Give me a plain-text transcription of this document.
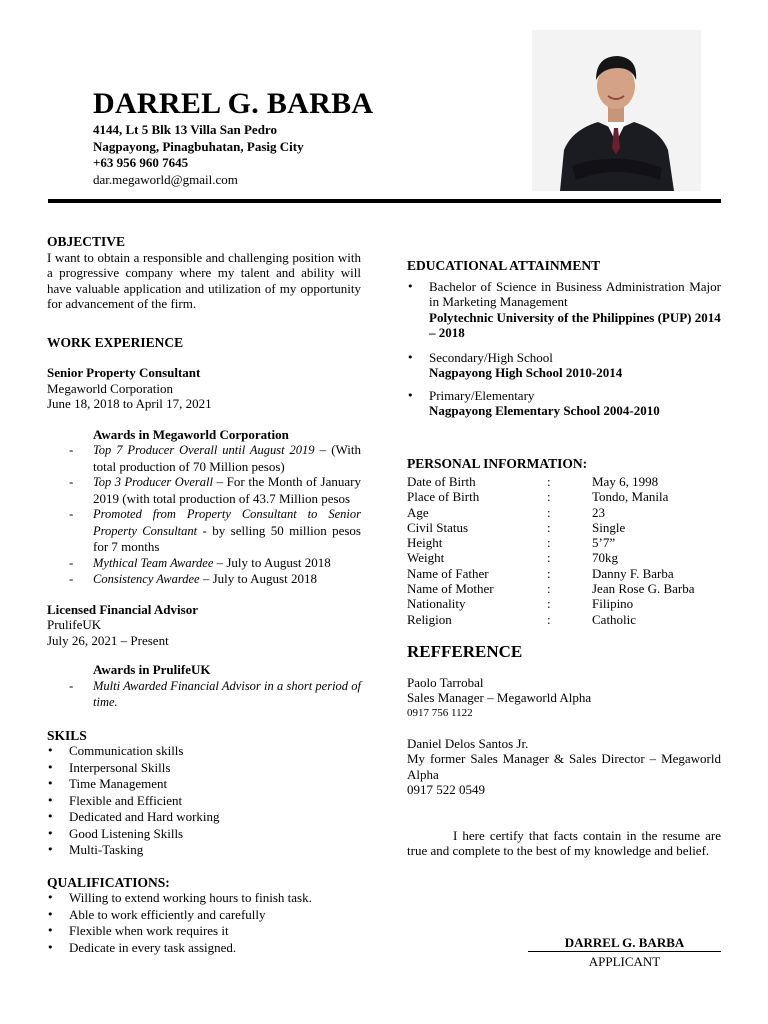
DARREL G. BARBA
4144, Lt 5 Blk 13 Villa San Pedro
Nagpayong, Pinagbuhatan, Pasig City
+63 956 960 7645
dar.megaworld@gmail.com
OBJECTIVE
I want to obtain a responsible and challenging position with a progressive company where my talent and ability will have valuable application and utilization of my opportunity for advancement of the firm.
WORK EXPERIENCE
Senior Property Consultant
Megaworld Corporation
June 18, 2018 to April 17, 2021
Awards in Megaworld Corporation
- Top 7 Producer Overall until August 2019 – (With total production of 70 Million pesos)
- Top 3 Producer Overall – For the Month of January 2019 (with total production of 43.7 Million pesos
- Promoted from Property Consultant to Senior Property Consultant - by selling 50 million pesos for 7 months
- Mythical Team Awardee – July to August 2018
- Consistency Awardee – July to August 2018
Licensed Financial Advisor
PrulifeUK
July 26, 2021 – Present
Awards in PrulifeUK
- Multi Awarded Financial Advisor in a short period of time.
SKILS
• Communication skills
• Interpersonal Skills
• Time Management
• Flexible and Efficient
• Dedicated and Hard working
• Good Listening Skills
• Multi-Tasking
QUALIFICATIONS:
• Willing to extend working hours to finish task.
• Able to work efficiently and carefully
• Flexible when work requires it
• Dedicate in every task assigned.
EDUCATIONAL ATTAINMENT
• Bachelor of Science in Business Administration Major in Marketing Management
Polytechnic University of the Philippines (PUP) 2014 – 2018
• Secondary/High School
Nagpayong High School 2010-2014
• Primary/Elementary
Nagpayong Elementary School 2004-2010
PERSONAL INFORMATION:
Date of Birth	:	May 6, 1998
Place of Birth	:	Tondo, Manila
Age	:	23
Civil Status	:	Single
Height	:	5’7”
Weight	:	70kg
Name of Father	:	Danny F. Barba
Name of Mother	:	Jean Rose G. Barba
Nationality	:	Filipino
Religion	:	Catholic
REFFERENCE
Paolo Tarrobal
Sales Manager – Megaworld Alpha
0917 756 1122
Daniel Delos Santos Jr.
My former Sales Manager & Sales Director – Megaworld Alpha
0917 522 0549
I here certify that facts contain in the resume are true and complete to the best of my knowledge and belief.
DARREL G. BARBA
APPLICANT
